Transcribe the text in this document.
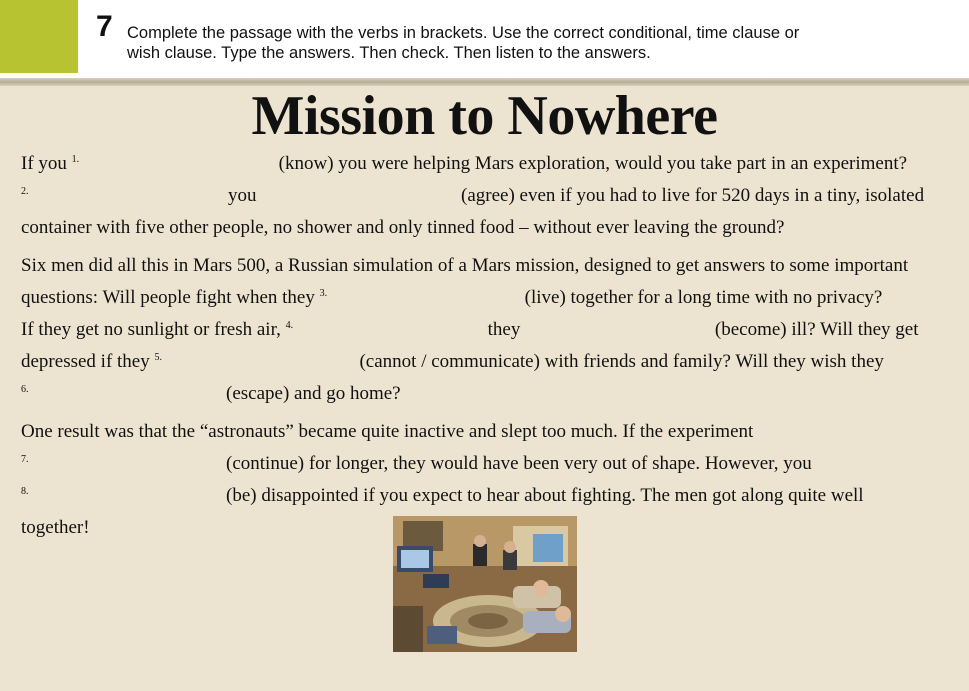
7 Complete the passage with the verbs in brackets. Use the correct conditional, time clause or
wish clause. Type the answers. Then check. Then listen to the answers.
Mission to Nowhere
If you $^{1.}$	(know) you were helping Mars exploration, would you take part in an experiment?
$^{2.}$	you	(agree) even if you had to live for 520 days in a tiny, isolated
container with five other people, no shower and only tinned food – without ever leaving the ground?
Six men did all this in Mars 500, a Russian simulation of a Mars mission, designed to get answers to some important
questions: Will people fight when they $^{3.}$	(live) together for a long time with no privacy?
If they get no sunlight or fresh air, $^{4.}$	they	(become) ill? Will they get
depressed if they $^{5.}$	(cannot / communicate) with friends and family? Will they wish they
$^{6.}$	(escape) and go home?
One result was that the “astronauts” became quite inactive and slept too much. If the experiment
$^{7.}$	(continue) for longer, they would have been very out of shape. However, you
$^{8.}$	(be) disappointed if you expect to hear about fighting. The men got along quite well
together!
